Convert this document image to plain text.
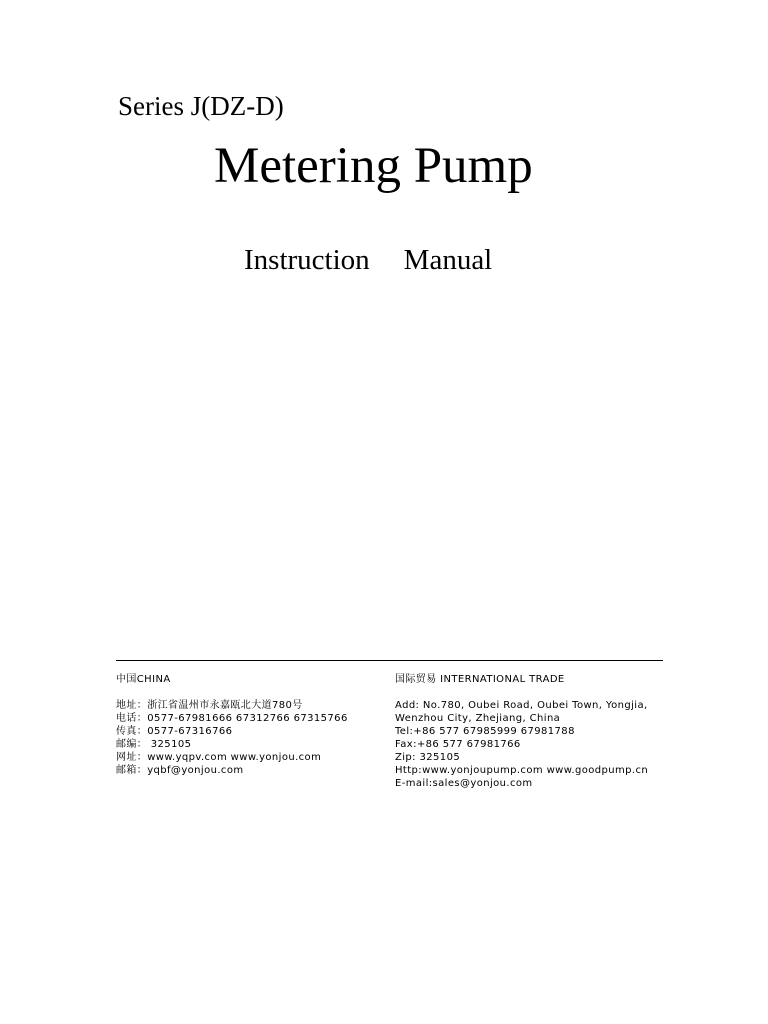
Series J(DZ-D)
Metering Pump
Instruction Manual
中国CHINA
地址：浙江省温州市永嘉瓯北大道780号
电话：0577-67981666 67312766 67315766
传真：0577-67316766
邮编： 325105
网址：www.yqpv.com www.yonjou.com
邮箱：yqbf@yonjou.com
国际贸易 INTERNATIONAL TRADE
Add: No.780, Oubei Road, Oubei Town, Yongjia,
Wenzhou City, Zhejiang, China
Tel:+86 577 67985999 67981788
Fax:+86 577 67981766
Zip: 325105
Http:www.yonjoupump.com www.goodpump.cn
E-mail:sales@yonjou.com
